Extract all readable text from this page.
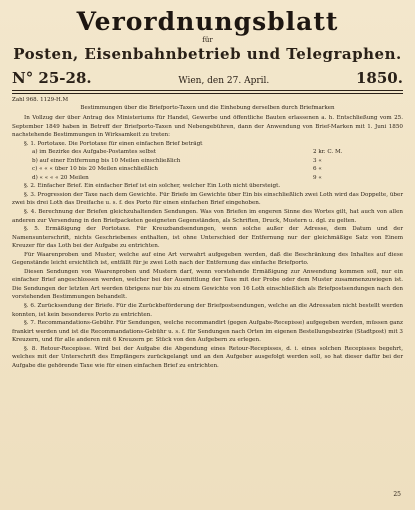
Verordnungsblatt
für
Posten, Eisenbahnbetrieb und Telegraphen.
N° 25-28.	Wien, den 27. April.	1850.
Zahl 968. 1129-H.M
Bestimmungen über die Briefporto-Taxen und die Einhebung derselben durch Briefmarken

In Vollzug der über Antrag des Ministeriums für Handel, Gewerbe und öffentliche Bauten erlassenen a. h. Entschließung vom 25. September 1849 haben in Betreff der Briefporto-Taxen und Nebengebühren, dann der Anwendung von Brief-Marken mit 1. Juni 1850 nachstehende Bestimmungen in Wirksamkeit zu treten:

§. 1. Portotaxe. Die Portotaxe für einen einfachen Brief beträgt

a) im Bezirke des Aufgabe-Postamtes selbst	2 kr. C. M.
b) auf einer Entfernung bis 10 Meilen einschließlich	3 «
c) « « « über 10 bis 20 Meilen einschließlich	6 «
d) « « « « 20 Meilen	9 «

§. 2. Einfacher Brief. Ein einfacher Brief ist ein solcher, welcher Ein Loth nicht übersteigt.

§. 3. Progression der Taxe nach dem Gewichte. Für Briefe im Gewichte über Ein bis einschließlich zwei Loth wird das Doppelte, über zwei bis drei Loth das Dreifache u. s. f. des Porto für einen einfachen Brief eingehoben.

§. 4. Berechnung der Briefen gleichzuhaltenden Sendungen. Was von Briefen im engeren Sinne des Wortes gilt, hat auch von allen anderen zur Versendung in den Briefpacketen geeigneten Gegenständen, als Schriften, Druck, Mustern u. dgl. zu gelten.

§. 5. Ermäßigung der Portotaxe. Für Kreuzbandsendungen, wenn solche außer der Adresse, dem Datum und der Namensunterschrift, nichts Geschriebenes enthalten, ist ohne Unterschied der Entfernung nur der gleichmäßige Satz von Einem Kreuzer für das Loth bei der Aufgabe zu entrichten.

Für Waarenproben und Muster, welche auf eine Art verwahrt aufgegeben werden, daß die Beschränkung des Inhaltes auf diese Gegenstände leicht ersichtlich ist, entfällt für je zwei Loth nach der Entfernung das einfache Briefporto.

Diesen Sendungen von Waarenproben und Mustern darf, wenn vorstehende Ermäßigung zur Anwendung kommen soll, nur ein einfacher Brief angeschlossen werden, welcher bei der Ausmittlung der Taxe mit der Probe oder dem Muster zusammenzuwiegen ist. Die Sendungen der letzten Art werden übrigens nur bis zu einem Gewichte von 16 Loth einschließlich als Briefpostsendungen nach den vorstehenden Bestimmungen behandelt.

§. 6. Zurücksendung der Briefe. Für die Zurückbeförderung der Briefpostsendungen, welche an die Adressaten nicht bestellt werden konnten, ist kein besonderes Porto zu entrichten.

§. 7. Recommandations-Gebühr. Für Sendungen, welche recommandirt (gegen Aufgabs-Recepisse) aufgegeben werden, müssen ganz frankirt werden und ist die Recommandations-Gebühr u. s. f. für Sendungen nach Orten im eigenen Bestellungsbezirke (Stadtpost) mit 3 Kreuzern, und für alle anderen mit 6 Kreuzern pr. Stück von den Aufgebern zu erlegen.

§. 8. Retour-Recepisse. Wird bei der Aufgabe die Abgendung eines Retour-Recepisses, d. i. eines solchen Recepisses begehrt, welches mit der Unterschrift des Empfängers zurückgelangt und an den Aufgeber ausgefolgt werden soll, so hat dieser dafür bei der Aufgabe die gehörende Taxe wie für einen einfachen Brief zu entrichten.

25
